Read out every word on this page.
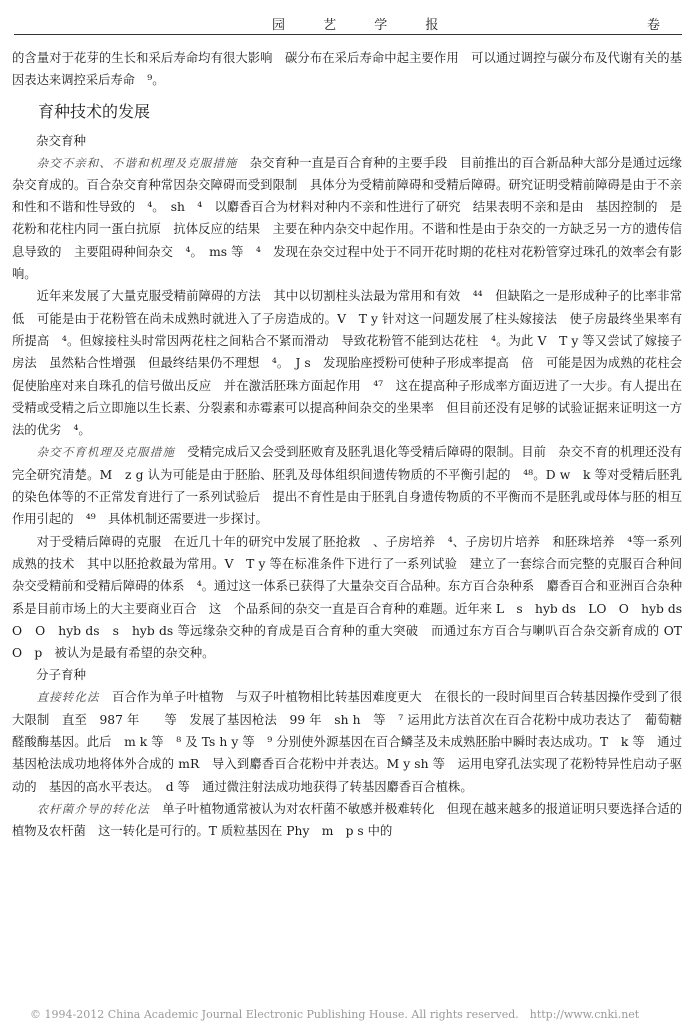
园 艺 学 报	卷

的含量对于花芽的生长和采后寿命均有很大影响　碳分布在采后寿命中起主要作用　可以通过调控与碳分布及代谢有关的基因表达来调控采后寿命　⁹。

育种技术的发展
杂交育种

杂交不亲和、不谐和机理及克服措施　 杂交育种一直是百合育种的主要手段　目前推出的百合新品种大部分是通过远缘杂交育成的。百合杂交育种常因杂交障碍而受到限制　具体分为受精前障碍和受精后障碍。研究证明受精前障碍是由于不亲和性和不谐和性导致的　⁴。　sh　⁴　以麝香百合为材料对种内不亲和性进行了研究　结果表明不亲和是由　基因控制的　是花粉和花柱内同一蛋白抗原　抗体反应的结果　主要在种内杂交中起作用。不谐和性是由于杂交的一方缺乏另一方的遗传信息导致的　主要阻碍种间杂交　⁴。　ms 等　⁴　发现在杂交过程中处于不同开花时期的花柱对花粉管穿过珠孔的效率会有影响。

近年来发展了大量克服受精前障碍的方法　其中以切割柱头法最为常用和有效　⁴⁴　但缺陷之一是形成种子的比率非常低　可能是由于花粉管在尚未成熟时就进入了子房造成的。V　T y 针对这一问题发展了柱头嫁接法　使子房最终坐果率有所提高　⁴。但嫁接柱头时常因两花柱之间粘合不紧而滑动　导致花粉管不能到达花柱　⁴。为此 V　T y 等又尝试了嫁接子房法　虽然粘合性增强　但最终结果仍不理想　⁴。　J s　发现胎座授粉可使种子形成率提高　倍　可能是因为成熟的花柱会促使胎座对来自珠孔的信号做出反应　并在激活胚珠方面起作用　⁴⁷　这在提高种子形成率方面迈进了一大步。有人提出在受精或受精之后立即施以生长素、分裂素和赤霉素可以提高种间杂交的坐果率　但目前还没有足够的试验证据来证明这一方法的优劣　⁴。

杂交不育机理及克服措施　 受精完成后又会受到胚败育及胚乳退化等受精后障碍的限制。目前　杂交不育的机理还没有完全研究清楚。M　z g 认为可能是由于胚胎、胚乳及母体组织间遗传物质的不平衡引起的　⁴⁸。D w　k 等对受精后胚乳的染色体等的不正常发育进行了一系列试验后　提出不育性是由于胚乳自身遗传物质的不平衡而不是胚乳或母体与胚的相互作用引起的　⁴⁹　具体机制还需要进一步探讨。

对于受精后障碍的克服　在近几十年的研究中发展了胚抢救　、子房培养　⁴、子房切片培养　和胚珠培养　⁴等一系列成熟的技术　其中以胚抢救最为常用。V　T y 等在标准条件下进行了一系列试验　建立了一套综合而完整的克服百合种间杂交受精前和受精后障碍的体系　⁴。通过这一体系已获得了大量杂交百合品种。东方百合杂种系　麝香百合和亚洲百合杂种系是目前市场上的大主要商业百合　这　个品系间的杂交一直是百合育种的难题。近年来 L　s　hyb ds　LO　O　hyb ds　O　O　hyb ds　s　hyb ds 等远缘杂交种的育成是百合育种的重大突破　而通过东方百合与喇叭百合杂交新育成的 OT　O　p　被认为是最有希望的杂交种。

分子育种

直接转化法　 百合作为单子叶植物　与双子叶植物相比转基因难度更大　在很长的一段时间里百合转基因操作受到了很大限制　直至　987 年　　等　发展了基因枪法　99 年　sh h　等　⁷ 运用此方法首次在百合花粉中成功表达了　葡萄糖醛酸酶基因。此后　m k 等　⁸ 及 Ts h y 等　⁹ 分别使外源基因在百合鳞茎及未成熟胚胎中瞬时表达成功。T　k 等　通过基因枪法成功地将体外合成的 mR　导入到麝香百合花粉中并表达。M y sh 等　运用电穿孔法实现了花粉特异性启动子驱动的　基因的高水平表达。　d 等　通过微注射法成功地获得了转基因麝香百合植株。

农杆菌介导的转化法　 单子叶植物通常被认为对农杆菌不敏感并极难转化　但现在越来越多的报道证明只要选择合适的植物及农杆菌　这一转化是可行的。T 质粒基因在 Phy　m　p s 中的

© 1994-2012 China Academic Journal Electronic Publishing House. All rights reserved.　http://www.cnki.net
